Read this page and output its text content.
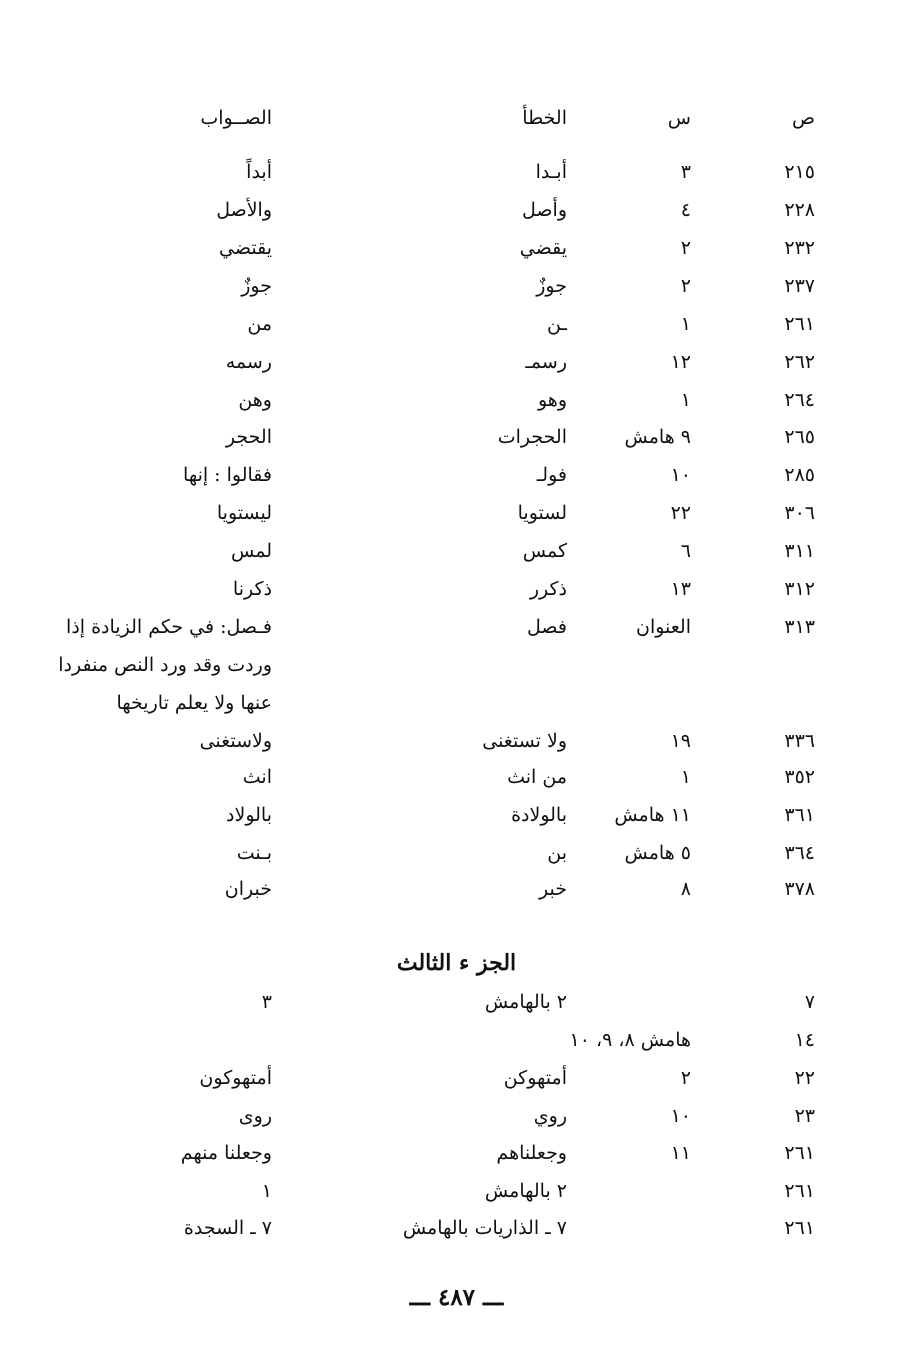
ص
س
الخطأ
الصــواب
٢١٥
٣
أبـدا
أبداً
٢٢٨
٤
وأصل
والأصل
٢٣٢
٢
يقضي
يقتضي
٢٣٧
٢
جوزٌ
جوزٌ
٢٦١
١
ـن
من
٢٦٢
١٢
رسمـ
رسمه
٢٦٤
١
وهو
وهن
٢٦٥
٩ هامش
الحجرات
الحجر
٢٨٥
١٠
فولـ
فقالوا : إنها
٣٠٦
٢٢
لستويا
ليستويا
٣١١
٦
كمس
لمس
٣١٢
١٣
ذكرر
ذكرنا
٣١٣
العنوان
فصل
فـصل: في حكم الزيادة إذا وردت وقد ورد النص منفردا عنها ولا يعلم تاريخها
٣٣٦
١٩
ولا تستغنى
ولاستغنى
٣٥٢
١
من انث
انث
٣٦١
١١ هامش
بالولادة
بالولاد
٣٦٤
٥ هامش
بن
بـنت
٣٧٨
٨
خبر
خبران
الجز ء الثالث
٧
٢ بالهامش
٣
١٤
هامش ٨، ٩، ١٠
٢٢
٢
أمتهوكن
أمتهوكون
٢٣
١٠
روي
روى
٢٦١
١١
وجعلناهم
وجعلنا منهم
٢٦١
٢ بالهامش
١
٢٦١
٧ ـ الذاريات بالهامش
٧ ـ السجدة
ـــ ٤٨٧ ـــ
